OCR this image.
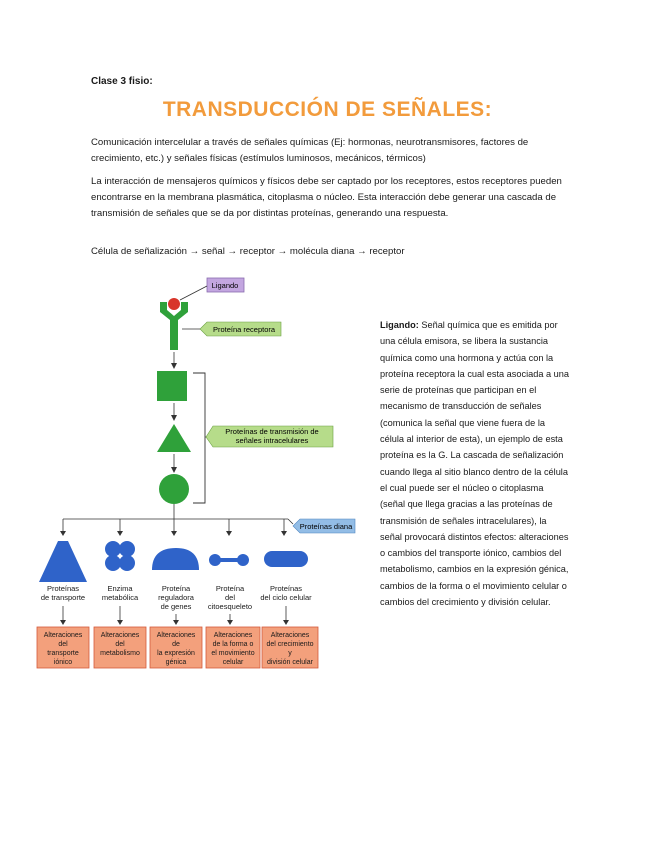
Clase 3 fisio:
TRANSDUCCIÓN DE SEÑALES:
Comunicación intercelular a través de señales químicas (Ej: hormonas, neurotransmisores, factores de crecimiento, etc.) y señales físicas (estímulos luminosos, mecánicos, térmicos)
La interacción de mensajeros químicos y físicos debe ser captado por los receptores, estos receptores pueden encontrarse en la membrana plasmática, citoplasma o núcleo. Esta interacción debe generar una cascada de transmisión de señales que se da por distintas proteínas, generando una respuesta.
Célula de señalización → señal → receptor → molécula diana → receptor
Ligando
Proteína receptora
Proteínas de transmisión de
señales intracelulares
Proteínas diana
Proteínas
de transporte
Enzima
metabólica
Proteína
reguladora
de genes
Proteína
del
citoesqueleto
Proteínas
del ciclo celular
Alteraciones
del
transporte
iónico
Alteraciones
del
metabolismo
Alteraciones
de
la expresión
génica
Alteraciones
de la forma o
el movimiento
celular
Alteraciones
del crecimiento
y
división celular
Ligando: Señal química que es emitida por una célula emisora, se libera la sustancia química como una hormona y actúa con la proteína receptora la cual esta asociada a una serie de proteínas que participan en el mecanismo de transducción de señales (comunica la señal que viene fuera de la célula al interior de esta), un ejemplo de esta proteína es la G. La cascada de señalización cuando llega al sitio blanco dentro de la célula el cual puede ser el núcleo o citoplasma (señal que llega gracias a las proteínas de transmisión de señales intracelulares), la señal provocará distintos efectos: alteraciones o cambios del transporte iónico, cambios del metabolismo, cambios en la expresión génica, cambios de la forma o el movimiento celular o cambios del crecimiento y división celular.
